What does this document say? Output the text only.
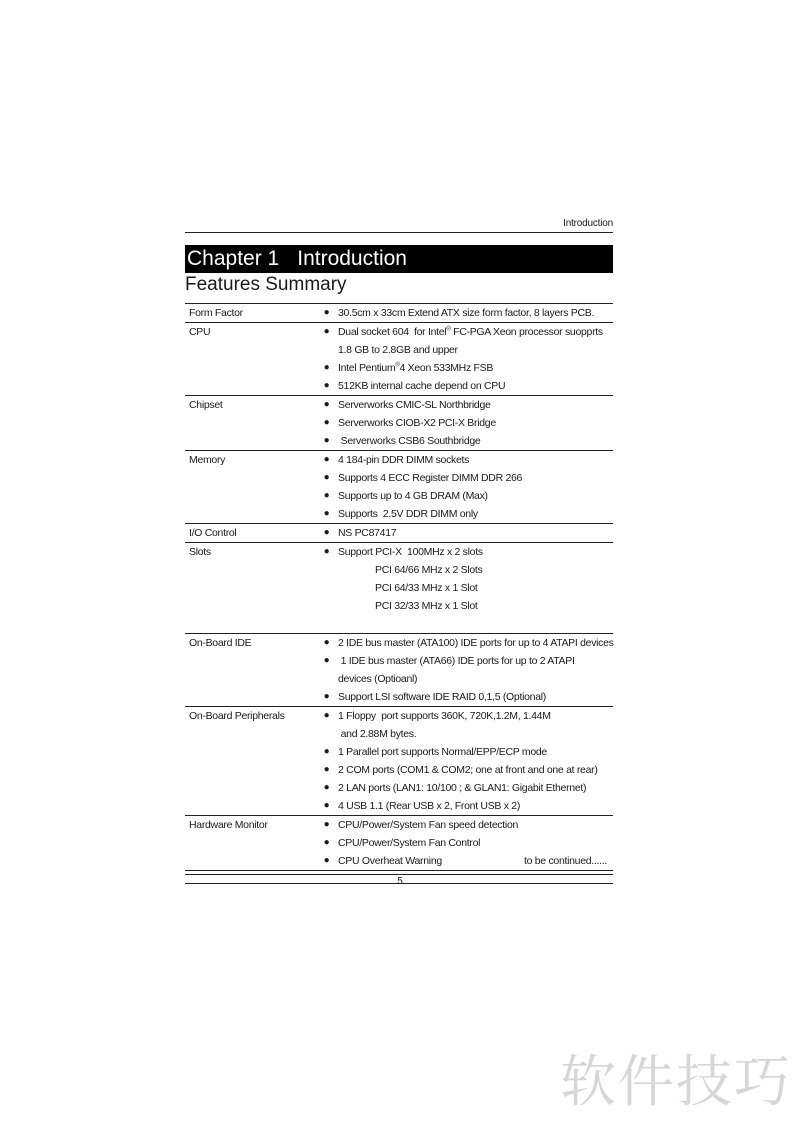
Introduction
Chapter 1 Introduction
Features Summary
Form Factor	● 30.5cm x 33cm Extend ATX size form factor, 8 layers PCB.
CPU	● Dual socket 604  for Intel® FC-PGA Xeon processor suopprts
1.8 GB to 2.8GB and upper
● Intel Pentium®4 Xeon 533MHz FSB
● 512KB internal cache depend on CPU
Chipset	● Serverworks CMIC-SL Northbridge
● Serverworks CIOB-X2 PCI-X Bridge
● Serverworks CSB6 Southbridge
Memory	● 4 184-pin DDR DIMM sockets
● Supports 4 ECC Register DIMM DDR 266
● Supports up to 4 GB DRAM (Max)
● Supports  2.5V DDR DIMM only
I/O Control	● NS PC87417
Slots	● Support PCI-X  100MHz x 2 slots
PCI 64/66 MHz x 2 Slots
PCI 64/33 MHz x 1 Slot
PCI 32/33 MHz x 1 Slot
On-Board IDE	● 2 IDE bus master (ATA100) IDE ports for up to 4 ATAPI devices
● 1 IDE bus master (ATA66) IDE ports for up to 2 ATAPI
devices (Optioanl)
● Support LSI software IDE RAID 0,1,5 (Optional)
On-Board Peripherals	● 1 Floppy  port supports 360K, 720K,1.2M, 1.44M
and 2.88M bytes.
● 1 Parallel port supports Normal/EPP/ECP mode
● 2 COM ports (COM1 & COM2; one at front and one at rear)
● 2 LAN ports (LAN1: 10/100 ; & GLAN1: Gigabit Ethernet)
● 4 USB 1.1 (Rear USB x 2, Front USB x 2)
Hardware Monitor	● CPU/Power/System Fan speed detection
● CPU/Power/System Fan Control
● CPU Overheat Warning	to be continued......
5
软件技巧
